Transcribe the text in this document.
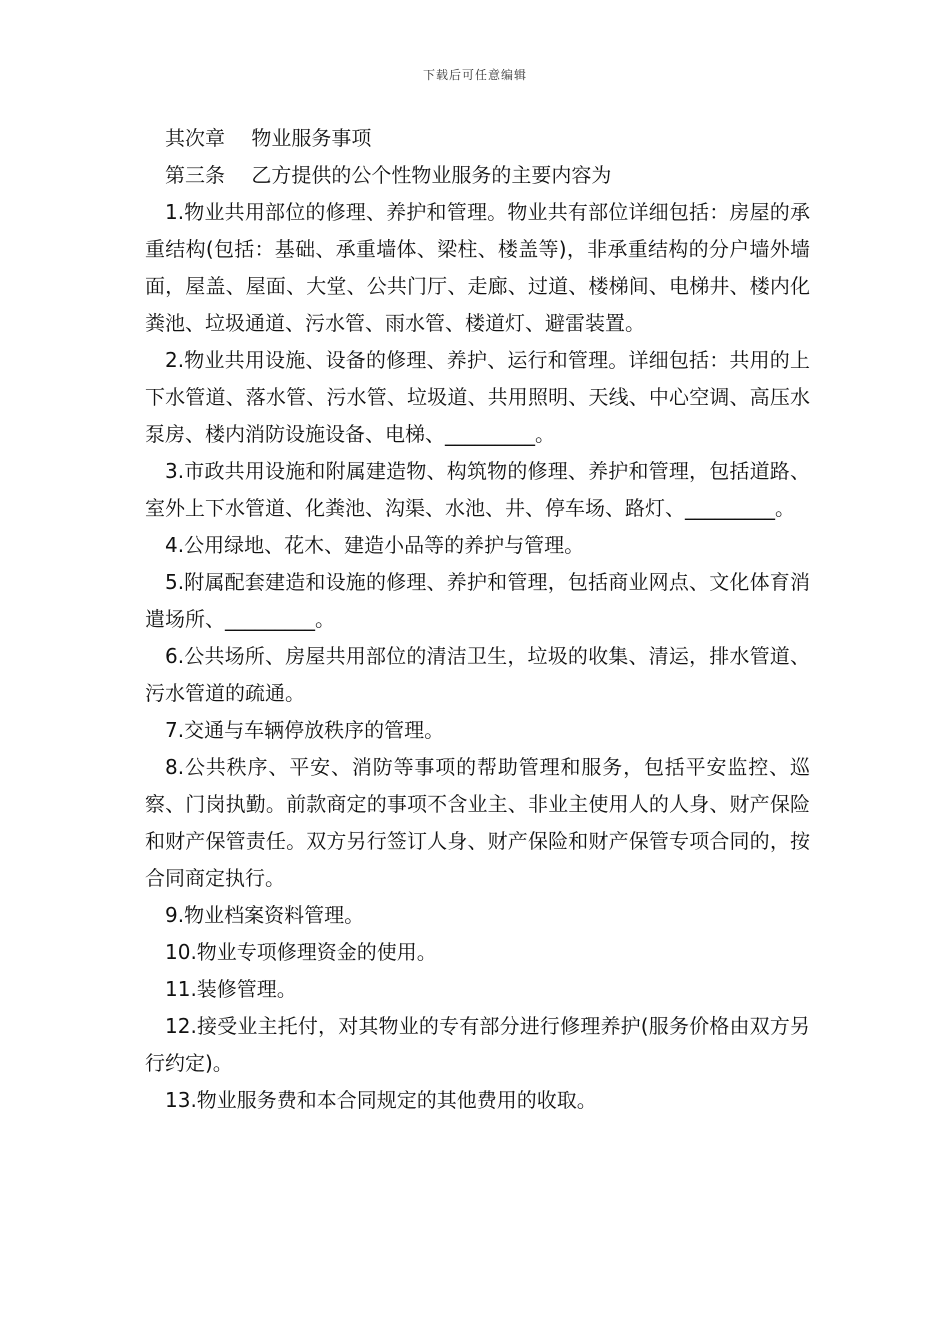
下载后可任意编辑

其次章　 物业服务事项

第三条　 乙方提供的公个性物业服务的主要内容为

1.物业共用部位的修理、养护和管理。物业共有部位详细包括：房屋的承重结构(包括：基础、承重墙体、梁柱、楼盖等)，非承重结构的分户墙外墙面，屋盖、屋面、大堂、公共门厅、走廊、过道、楼梯间、电梯井、楼内化粪池、垃圾通道、污水管、雨水管、楼道灯、避雷装置。

2.物业共用设施、设备的修理、养护、运行和管理。详细包括：共用的上下水管道、落水管、污水管、垃圾道、共用照明、天线、中心空调、高压水泵房、楼内消防设施设备、电梯、_________。

3.市政共用设施和附属建造物、构筑物的修理、养护和管理，包括道路、室外上下水管道、化粪池、沟渠、水池、井、停车场、路灯、_________。

4.公用绿地、花木、建造小品等的养护与管理。

5.附属配套建造和设施的修理、养护和管理，包括商业网点、文化体育消遣场所、_________。

6.公共场所、房屋共用部位的清洁卫生，垃圾的收集、清运，排水管道、污水管道的疏通。

7.交通与车辆停放秩序的管理。

8.公共秩序、平安、消防等事项的帮助管理和服务，包括平安监控、巡察、门岗执勤。前款商定的事项不含业主、非业主使用人的人身、财产保险和财产保管责任。双方另行签订人身、财产保险和财产保管专项合同的，按合同商定执行。

9.物业档案资料管理。

10.物业专项修理资金的使用。

11.装修管理。

12.接受业主托付，对其物业的专有部分进行修理养护(服务价格由双方另行约定)。

13.物业服务费和本合同规定的其他费用的收取。
